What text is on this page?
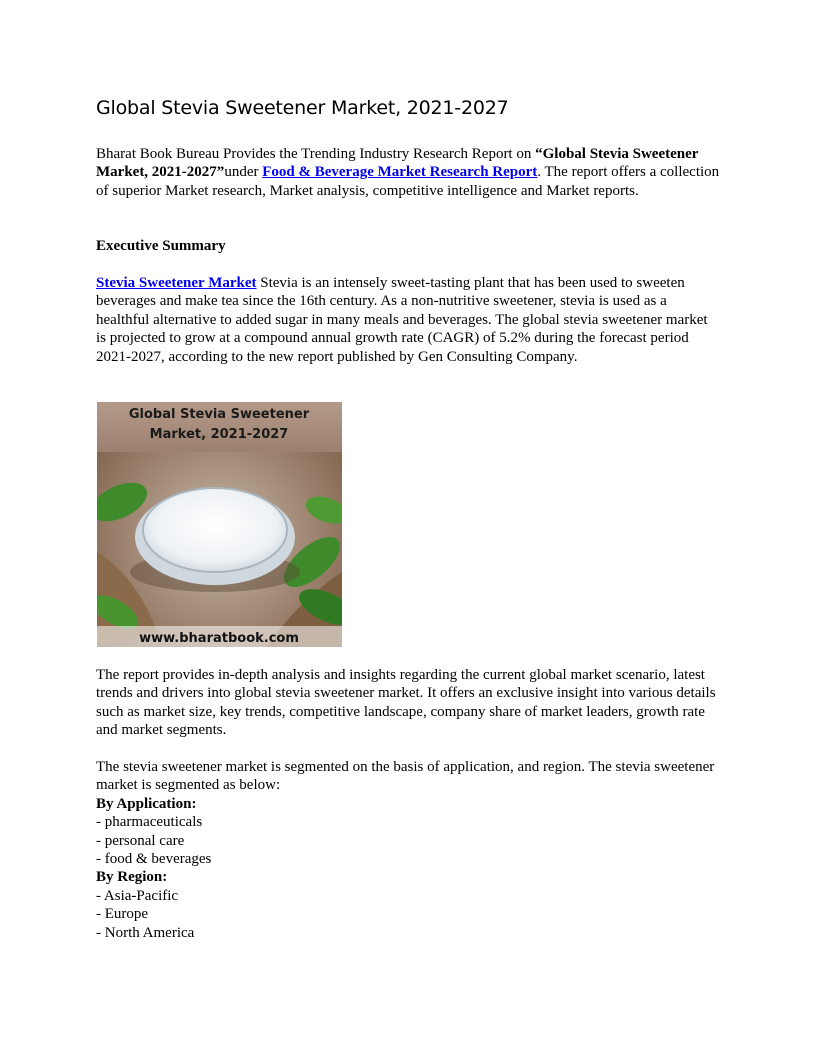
Global Stevia Sweetener Market, 2021-2027

Bharat Book Bureau Provides the Trending Industry Research Report on “Global Stevia Sweetener Market, 2021-2027”under Food & Beverage Market Research Report. The report offers a collection of superior Market research, Market analysis, competitive intelligence and Market reports.

Executive Summary

Stevia Sweetener Market Stevia is an intensely sweet-tasting plant that has been used to sweeten beverages and make tea since the 16th century. As a non-nutritive sweetener, stevia is used as a healthful alternative to added sugar in many meals and beverages. The global stevia sweetener market is projected to grow at a compound annual growth rate (CAGR) of 5.2% during the forecast period 2021-2027, according to the new report published by Gen Consulting Company.

Global Stevia Sweetener
Market, 2021-2027
www.bharatbook.com
The report provides in-depth analysis and insights regarding the current global market scenario, latest trends and drivers into global stevia sweetener market. It offers an exclusive insight into various details such as market size, key trends, competitive landscape, company share of market leaders, growth rate and market segments.

The stevia sweetener market is segmented on the basis of application, and region. The stevia sweetener market is segmented as below:

By Application:

- pharmaceuticals

- personal care

- food & beverages

By Region:

- Asia-Pacific

- Europe

- North America
